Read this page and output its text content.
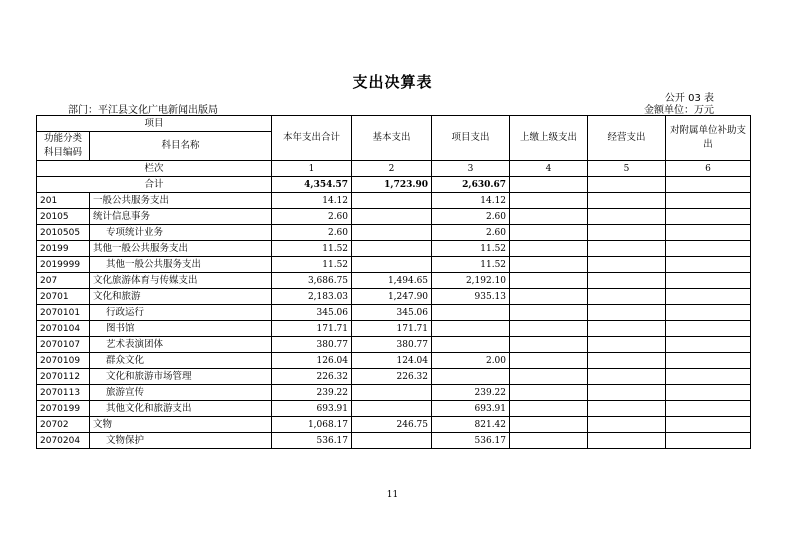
支出决算表
公开 03 表
部门：平江县文化广电新闻出版局	金额单位：万元
项目		本年支出合计	基本支出	项目支出	上缴上级支出	经营支出	对附属单位补助支出
功能分类科目编码	科目名称						
栏次		1	2	3	4	5	6
合计		4,354.57	1,723.90	2,630.67			
201	一般公共服务支出	14.12		14.12			
20105	统计信息事务	2.60		2.60			
2010505	专项统计业务	2.60		2.60			
20199	其他一般公共服务支出	11.52		11.52			
2019999	其他一般公共服务支出	11.52		11.52			
207	文化旅游体育与传媒支出	3,686.75	1,494.65	2,192.10			
20701	文化和旅游	2,183.03	1,247.90	935.13			
2070101	行政运行	345.06	345.06				
2070104	图书馆	171.71	171.71				
2070107	艺术表演团体	380.77	380.77				
2070109	群众文化	126.04	124.04	2.00			
2070112	文化和旅游市场管理	226.32	226.32				
2070113	旅游宣传	239.22		239.22			
2070199	其他文化和旅游支出	693.91		693.91			
20702	文物	1,068.17	246.75	821.42			
2070204	文物保护	536.17		536.17			
11
